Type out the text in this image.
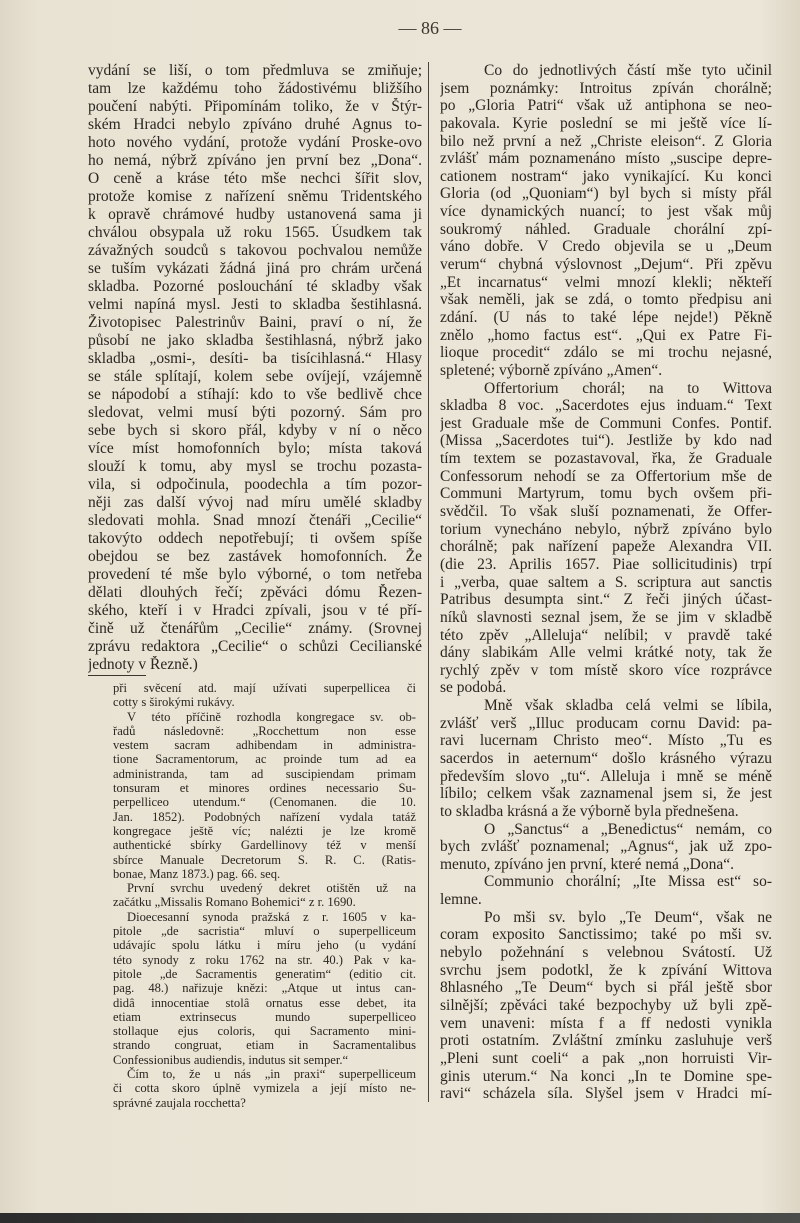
— 86 —
vydání se liší, o tom předmluva se zmiňuje;
tam lze každému toho žádostivému bližšího
poučení nabýti. Připomínám toliko, že v Štýr-
ském Hradci nebylo zpíváno druhé Agnus to-
hoto nového vydání, protože vydání Proske-ovo
ho nemá, nýbrž zpíváno jen první bez „Dona“.
O ceně a kráse této mše nechci šířit slov,
protože komise z nařízení sněmu Tridentského
k opravě chrámové hudby ustanovená sama ji
chválou obsypala už roku 1565. Úsudkem tak
závažných soudců s takovou pochvalou nemůže
se tuším vykázati žádná jiná pro chrám určená
skladba. Pozorné poslouchání té skladby však
velmi napíná mysl. Jesti to skladba šestihlasná.
Životopisec Palestrinův Baini, praví o ní, že
působí ne jako skladba šestihlasná, nýbrž jako
skladba „osmi-, desíti- ba tisícihlasná.“ Hlasy
se stále splítají, kolem sebe ovíjejí, vzájemně
se nápodobí a stíhají: kdo to vše bedlivě chce
sledovat, velmi musí býti pozorný. Sám pro
sebe bych si skoro přál, kdyby v ní o něco
více míst homofonních bylo; místa taková
slouží k tomu, aby mysl se trochu pozasta-
vila, si odpočinula, poodechla a tím pozor-
něji zas další vývoj nad míru umělé skladby
sledovati mohla. Snad mnozí čtenáři „Cecilie“
takovýto oddech nepotřebují; ti ovšem spíše
obejdou se bez zastávek homofonních. Že
provedení té mše bylo výborné, o tom netřeba
dělati dlouhých řečí; zpěváci dómu Řezen-
ského, kteří i v Hradci zpívali, jsou v té pří-
čině už čtenářům „Cecilie“ známy. (Srovnej
zprávu redaktora „Cecilie“ o schůzi Cecilianské
jednoty v Řezně.)
při svěcení atd. mají užívati superpellicea či
cotty s širokými rukávy.
V této příčině rozhodla kongregace sv. ob-
řadů následovně: „Rocchettum non esse
vestem sacram adhibendam in administra-
tione Sacramentorum, ac proinde tum ad ea
administranda, tam ad suscipiendam primam
tonsuram et minores ordines necessario Su-
perpelliceo utendum.“ (Cenomanen. die 10.
Jan. 1852). Podobných nařízení vydala tatáž
kongregace ještě víc; nalézti je lze kromě
authentické sbírky Gardellinovy též v menší
sbírce Manuale Decretorum S. R. C. (Ratis-
bonae, Manz 1873.) pag. 66. seq.
První svrchu uvedený dekret otištěn už na
začátku „Missalis Romano Bohemici“ z r. 1690.
Dioecesanní synoda pražská z r. 1605 v ka-
pitole „de sacristia“ mluví o superpelliceum
udávajíc spolu látku i míru jeho (u vydání
této synody z roku 1762 na str. 40.) Pak v ka-
pitole „de Sacramentis generatim“ (editio cit.
pag. 48.) nařizuje knězi: „Atque ut intus can-
didâ innocentiae stolâ ornatus esse debet, ita
etiam extrinsecus mundo superpelliceo
stollaque ejus coloris, qui Sacramento mini-
strando congruat, etiam in Sacramentalibus
Confessionibus audiendis, indutus sit semper.“
Čím to, že u nás „in praxi“ superpelliceum
či cotta skoro úplně vymizela a její místo ne-
správné zaujala rocchetta?
Co do jednotlivých částí mše tyto učinil
jsem poznámky: Introitus zpíván chorálně;
po „Gloria Patri“ však už antiphona se neo-
pakovala. Kyrie poslední se mi ještě více lí-
bilo než první a než „Christe eleison“. Z Gloria
zvlášť mám poznamenáno místo „suscipe depre-
cationem nostram“ jako vynikající. Ku konci
Gloria (od „Quoniam“) byl bych si místy přál
více dynamických nuancí; to jest však můj
soukromý náhled. Graduale chorální zpí-
váno dobře. V Credo objevila se u „Deum
verum“ chybná výslovnost „Dejum“. Při zpěvu
„Et incarnatus“ velmi mnozí klekli; někteří
však neměli, jak se zdá, o tomto předpisu ani
zdání. (U nás to také lépe nejde!) Pěkně
znělo „homo factus est“. „Qui ex Patre Fi-
lioque procedit“ zdálo se mi trochu nejasné,
spletené; výborně zpíváno „Amen“.
Offertorium chorál; na to Wittova
skladba 8 voc. „Sacerdotes ejus induam.“ Text
jest Graduale mše de Communi Confes. Pontif.
(Missa „Sacerdotes tui“). Jestliže by kdo nad
tím textem se pozastavoval, řka, že Graduale
Confessorum nehodí se za Offertorium mše de
Communi Martyrum, tomu bych ovšem při-
svědčil. To však sluší poznamenati, že Offer-
torium vynecháno nebylo, nýbrž zpíváno bylo
chorálně; pak nařízení papeže Alexandra VII.
(die 23. Aprilis 1657. Piae sollicitudinis) trpí
i „verba, quae saltem a S. scriptura aut sanctis
Patribus desumpta sint.“ Z řeči jiných účast-
níků slavnosti seznal jsem, že se jim v skladbě
této zpěv „Alleluja“ nelíbil; v pravdě také
dány slabikám Alle velmi krátké noty, tak že
rychlý zpěv v tom místě skoro více rozprávce
se podobá.
Mně však skladba celá velmi se líbila,
zvlášť verš „Illuc producam cornu David: pa-
ravi lucernam Christo meo“. Místo „Tu es
sacerdos in aeternum“ došlo krásného výrazu
především slovo „tu“. Alleluja i mně se méně
líbilo; celkem však zaznamenal jsem si, že jest
to skladba krásná a že výborně byla přednešena.
O „Sanctus“ a „Benedictus“ nemám, co
bych zvlášť poznamenal; „Agnus“, jak už zpo-
menuto, zpíváno jen první, které nemá „Dona“.
Communio chorální; „Ite Missa est“ so-
lemne.
Po mši sv. bylo „Te Deum“, však ne
coram exposito Sanctissimo; také po mši sv.
nebylo požehnání s velebnou Svátostí. Už
svrchu jsem podotkl, že k zpívání Wittova
8hlasného „Te Deum“ bych si přál ještě sbor
silnější; zpěváci také bezpochyby už byli zpě-
vem unaveni: místa f a ff nedosti vynikla
proti ostatním. Zvláštní zmínku zasluhuje verš
„Pleni sunt coeli“ a pak „non horruisti Vir-
ginis uterum.“ Na konci „In te Domine spe-
ravi“ scházela síla. Slyšel jsem v Hradci mí-
